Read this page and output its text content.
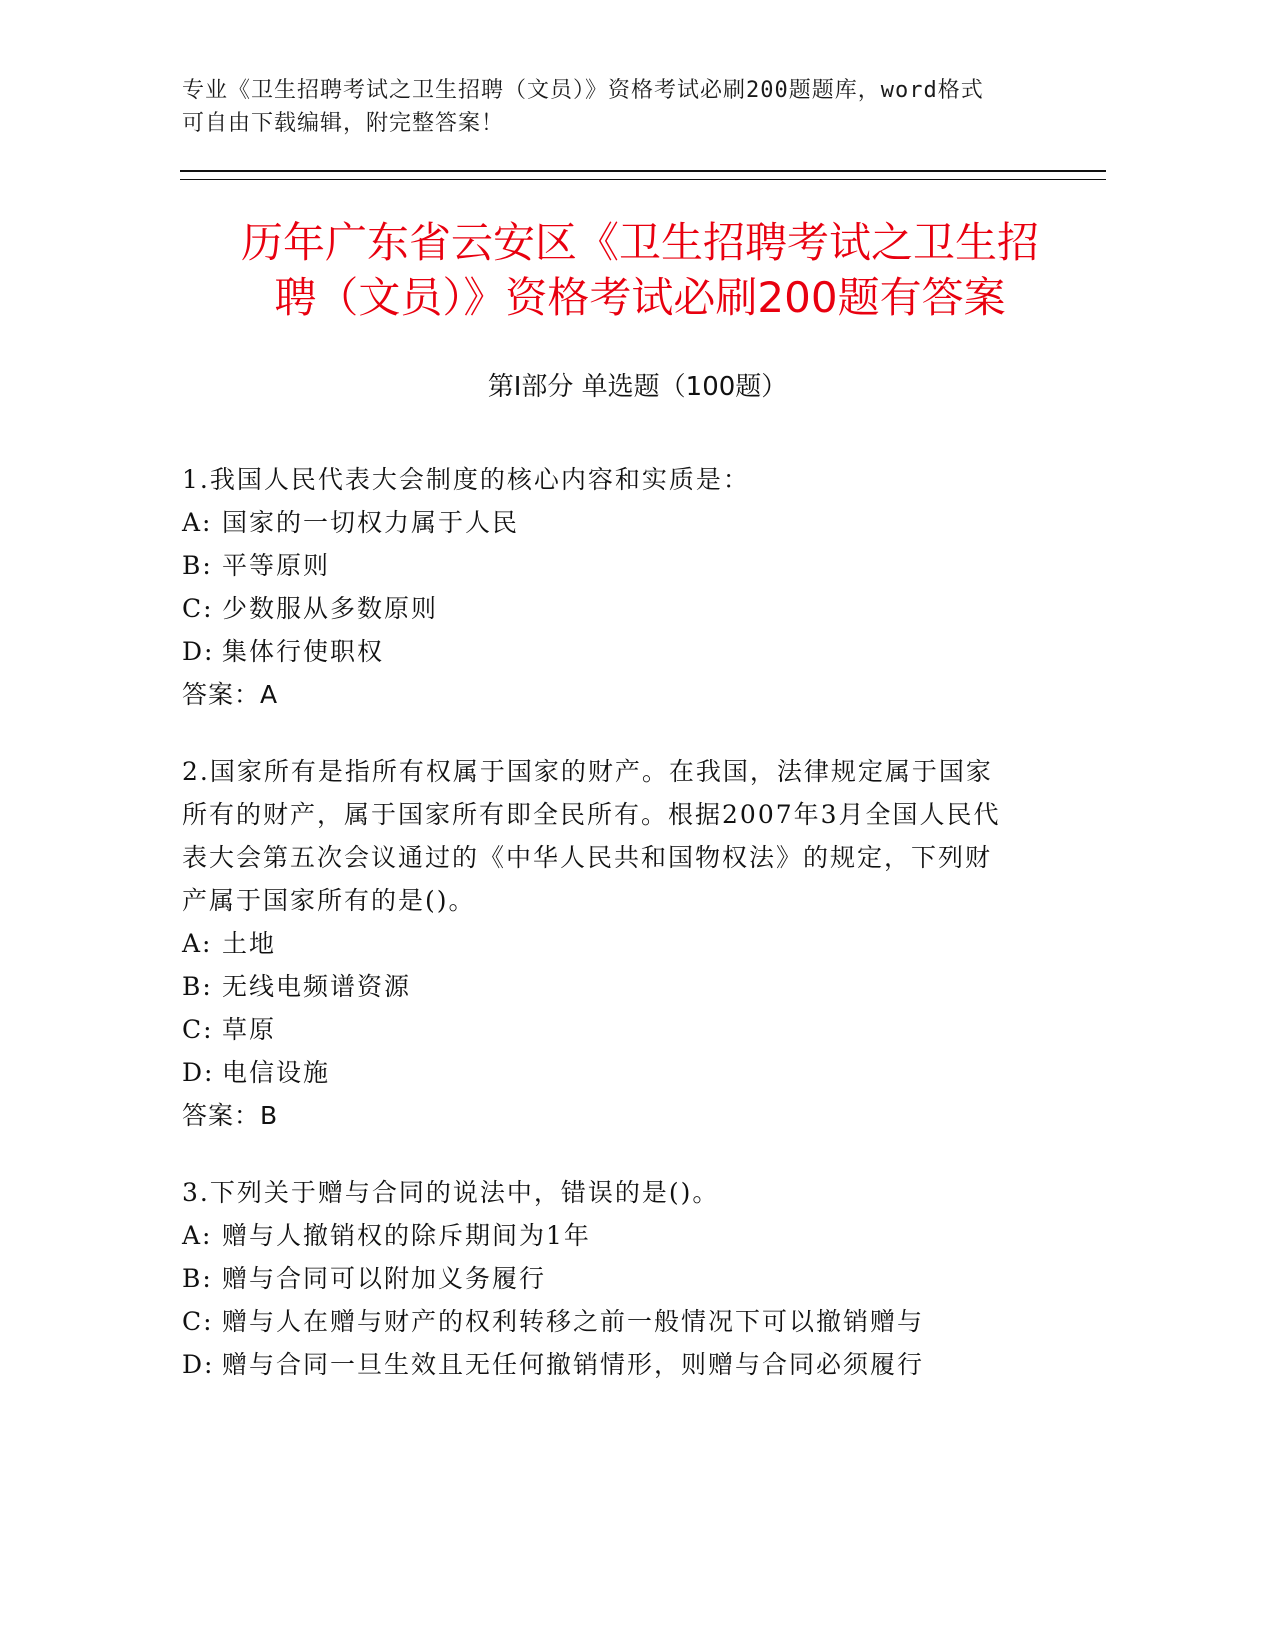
专业《卫生招聘考试之卫生招聘（文员）》资格考试必刷200题题库，word格式
可自由下载编辑，附完整答案！
历年广东省云安区《卫生招聘考试之卫生招
聘（文员）》资格考试必刷200题有答案
第Ⅰ部分 单选题（100题）
1.我国人民代表大会制度的核心内容和实质是：
A: 国家的一切权力属于人民
B: 平等原则
C: 少数服从多数原则
D: 集体行使职权
答案：A
2.国家所有是指所有权属于国家的财产。在我国，法律规定属于国家
所有的财产，属于国家所有即全民所有。根据2007年3月全国人民代
表大会第五次会议通过的《中华人民共和国物权法》的规定，下列财
产属于国家所有的是()。
A: 土地
B: 无线电频谱资源
C: 草原
D: 电信设施
答案：B
3.下列关于赠与合同的说法中，错误的是()。
A: 赠与人撤销权的除斥期间为1年
B: 赠与合同可以附加义务履行
C: 赠与人在赠与财产的权利转移之前一般情况下可以撤销赠与
D: 赠与合同一旦生效且无任何撤销情形，则赠与合同必须履行
